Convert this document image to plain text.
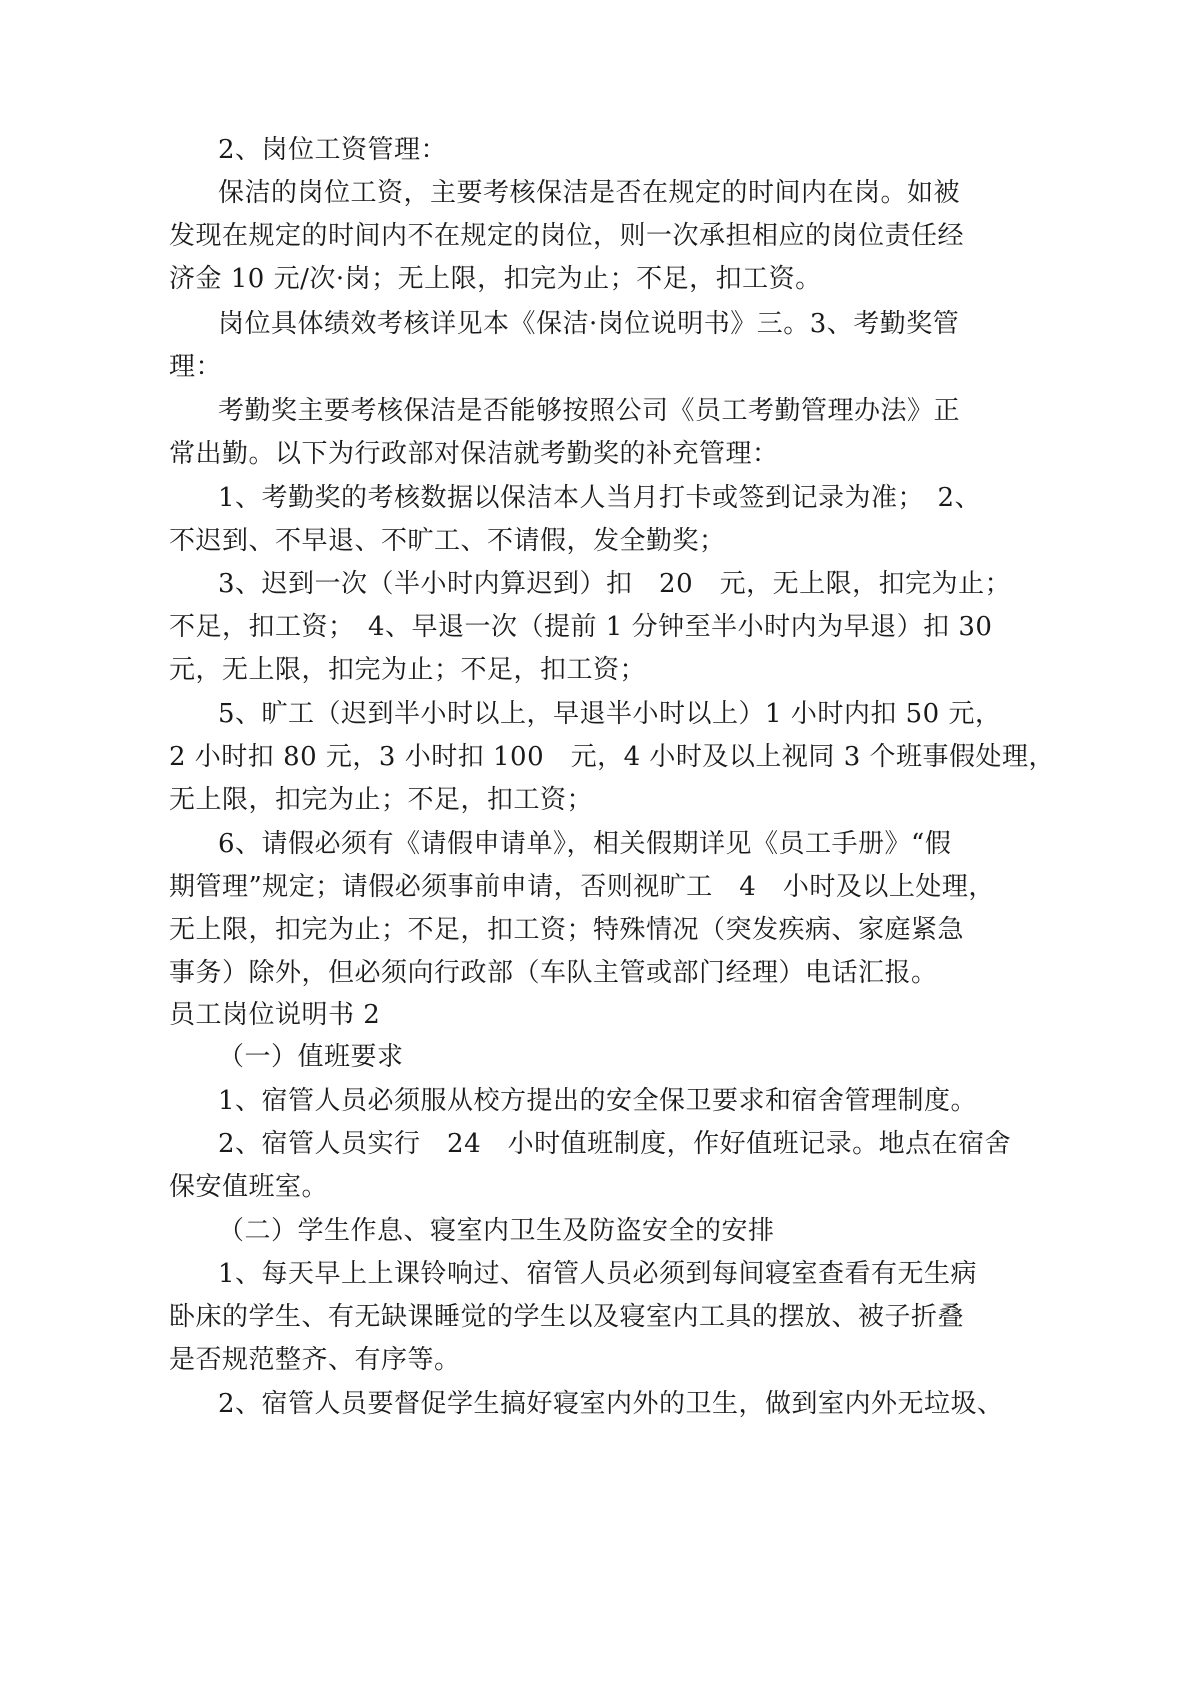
2、岗位工资管理：
保洁的岗位工资，主要考核保洁是否在规定的时间内在岗。如被
发现在规定的时间内不在规定的岗位，则一次承担相应的岗位责任经
济金 10 元/次·岗；无上限，扣完为止；不足，扣工资。
岗位具体绩效考核详见本《保洁·岗位说明书》三。3、考勤奖管
理：
考勤奖主要考核保洁是否能够按照公司《员工考勤管理办法》正
常出勤。以下为行政部对保洁就考勤奖的补充管理：
1、考勤奖的考核数据以保洁本人当月打卡或签到记录为准；　2、
不迟到、不早退、不旷工、不请假，发全勤奖；
3、迟到一次（半小时内算迟到）扣　20　元，无上限，扣完为止；
不足，扣工资；　4、早退一次（提前 1 分钟至半小时内为早退）扣 30
元，无上限，扣完为止；不足，扣工资；
5、旷工（迟到半小时以上，早退半小时以上）1 小时内扣 50 元，
2 小时扣 80 元，3 小时扣 100　元，4 小时及以上视同 3 个班事假处理，
无上限，扣完为止；不足，扣工资；
6、请假必须有《请假申请单》，相关假期详见《员工手册》“假
期管理”规定；请假必须事前申请，否则视旷工　4　小时及以上处理，
无上限，扣完为止；不足，扣工资；特殊情况（突发疾病、家庭紧急
事务）除外，但必须向行政部（车队主管或部门经理）电话汇报。
员工岗位说明书 2
（一）值班要求
1、宿管人员必须服从校方提出的安全保卫要求和宿舍管理制度。
2、宿管人员实行　24　小时值班制度，作好值班记录。地点在宿舍
保安值班室。
（二）学生作息、寝室内卫生及防盗安全的安排
1、每天早上上课铃响过、宿管人员必须到每间寝室查看有无生病
卧床的学生、有无缺课睡觉的学生以及寝室内工具的摆放、被子折叠
是否规范整齐、有序等。
2、宿管人员要督促学生搞好寝室内外的卫生，做到室内外无垃圾、
